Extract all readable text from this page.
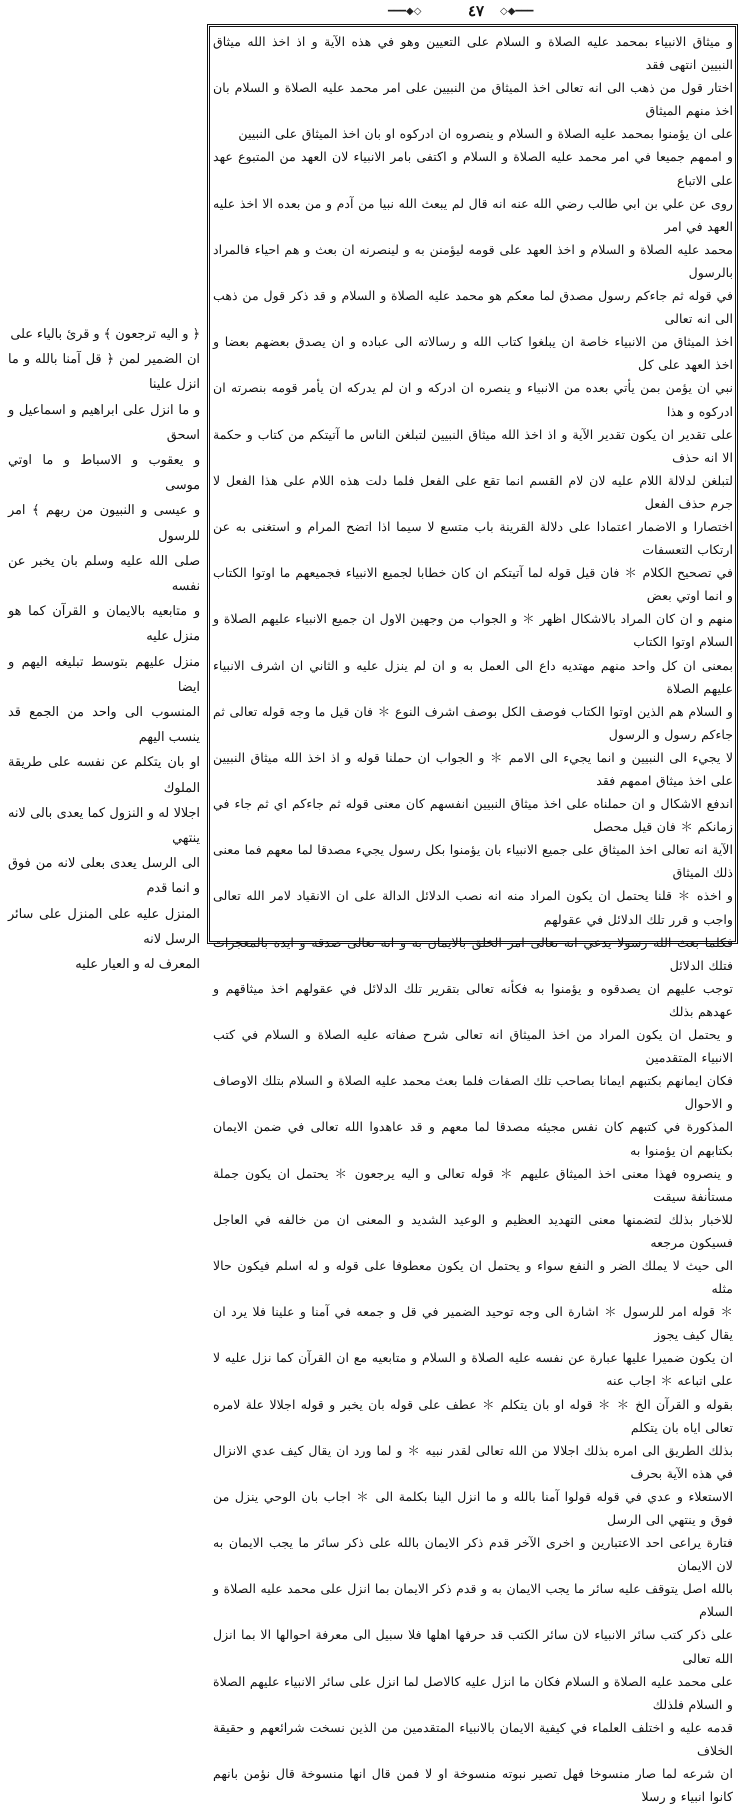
━━━◆◇	٤٧	◇◆━━━

و ميثاق الانبياء بمحمد عليه الصلاة و السلام على التعيين وهو في هذه الآية و اذ اخذ الله ميثاق النبيين انتهى فقد

اختار قول من ذهب الى انه تعالى اخذ الميثاق من النبيين على امر محمد عليه الصلاة و السلام بان اخذ منهم الميثاق

على ان يؤمنوا بمحمد عليه الصلاة و السلام و ينصروه ان ادركوه او بان اخذ الميثاق على النبيين

و اممهم جميعا في امر محمد عليه الصلاة و السلام و اكتفى بامر الانبياء لان العهد من المتبوع عهد على الاتباع

روى عن علي بن ابي طالب رضي الله عنه انه قال لم يبعث الله نبيا من آدم و من بعده الا اخذ عليه العهد في امر

محمد عليه الصلاة و السلام و اخذ العهد على قومه ليؤمنن به و لينصرنه ان بعث و هم احياء فالمراد بالرسول

في قوله ثم جاءكم رسول مصدق لما معكم هو محمد عليه الصلاة و السلام و قد ذكر قول من ذهب الى انه تعالى

اخذ الميثاق من الانبياء خاصة ان يبلغوا كتاب الله و رسالاته الى عباده و ان يصدق بعضهم بعضا و اخذ العهد على كل

نبي ان يؤمن بمن يأتي بعده من الانبياء و ينصره ان ادركه و ان لم يدركه ان يأمر قومه بنصرته ان ادركوه و هذا

على تقدير ان يكون تقدير الآية و اذ اخذ الله ميثاق النبيين لتبلغن الناس ما آتيتكم من كتاب و حكمة الا انه حذف

لتبلغن لدلالة اللام عليه لان لام القسم انما تقع على الفعل فلما دلت هذه اللام على هذا الفعل لا جرم حذف الفعل

اختصارا و الاضمار اعتمادا على دلالة القرينة باب متسع لا سيما اذا اتضح المرام و استغنى به عن ارتكاب التعسفات

في تصحيح الكلام ＊ فان قيل قوله لما آتيتكم ان كان خطابا لجميع الانبياء فجميعهم ما اوتوا الكتاب و انما اوتي بعض

منهم و ان كان المراد بالاشكال اظهر ＊ و الجواب من وجهين الاول ان جميع الانبياء عليهم الصلاة و السلام اوتوا الكتاب

بمعنى ان كل واحد منهم مهتديه داع الى العمل به و ان لم ينزل عليه و الثاني ان اشرف الانبياء عليهم الصلاة

و السلام هم الذين اوتوا الكتاب فوصف الكل بوصف اشرف النوع ＊ فان قيل ما وجه قوله تعالى ثم جاءكم رسول و الرسول

لا يجيء الى النبيين و انما يجيء الى الامم ＊ و الجواب ان حملنا قوله و اذ اخذ الله ميثاق النبيين على اخذ ميثاق اممهم فقد

اندفع الاشكال و ان حملناه على اخذ ميثاق النبيين انفسهم كان معنى قوله ثم جاءكم اي ثم جاء في زمانكم ＊ فان قيل محصل

الآية انه تعالى اخذ الميثاق على جميع الانبياء بان يؤمنوا بكل رسول يجيء مصدقا لما معهم فما معنى ذلك الميثاق

و اخذه ＊ قلنا يحتمل ان يكون المراد منه انه نصب الدلائل الدالة على ان الانقياد لامر الله تعالى واجب و قرر تلك الدلائل في عقولهم

فكلما بعث الله رسولا يدعي انه تعالى امر الخلق بالايمان به و انه تعالى صدقه و ايده بالمعجزات فتلك الدلائل

توجب عليهم ان يصدقوه و يؤمنوا به فكأنه تعالى بتقرير تلك الدلائل في عقولهم اخذ ميثاقهم و عهدهم بذلك

و يحتمل ان يكون المراد من اخذ الميثاق انه تعالى شرح صفاته عليه الصلاة و السلام في كتب الانبياء المتقدمين

فكان ايمانهم بكتبهم ايمانا بصاحب تلك الصفات فلما بعث محمد عليه الصلاة و السلام بتلك الاوصاف و الاحوال

المذكورة في كتبهم كان نفس مجيئه مصدقا لما معهم و قد عاهدوا الله تعالى في ضمن الايمان بكتابهم ان يؤمنوا به

و ينصروه فهذا معنى اخذ الميثاق عليهم ＊ قوله تعالى و اليه يرجعون ＊ يحتمل ان يكون جملة مستأنفة سيقت

للاخبار بذلك لتضمنها معنى التهديد العظيم و الوعيد الشديد و المعنى ان من خالفه في العاجل فسيكون مرجعه

الى حيث لا يملك الضر و النفع سواء و يحتمل ان يكون معطوفا على قوله و له اسلم فيكون حالا مثله

＊ قوله امر للرسول ＊ اشارة الى وجه توحيد الضمير في قل و جمعه في آمنا و علينا فلا يرد ان يقال كيف يجوز

ان يكون ضميرا عليها عبارة عن نفسه عليه الصلاة و السلام و متابعيه مع ان القرآن كما نزل عليه لا على اتباعه ＊ اجاب عنه

بقوله و القرآن الخ ＊ ＊ قوله او بان يتكلم ＊ عطف على قوله بان يخبر و قوله اجلالا علة لامره تعالى اياه بان يتكلم

بذلك الطريق الى امره بذلك اجلالا من الله تعالى لقدر نبيه ＊ و لما ورد ان يقال كيف عدي الانزال في هذه الآية بحرف

الاستعلاء و عدي في قوله قولوا آمنا بالله و ما انزل الينا بكلمة الى ＊ اجاب بان الوحي ينزل من فوق و ينتهي الى الرسل

فتارة يراعى احد الاعتبارين و اخرى الآخر قدم ذكر الايمان بالله على ذكر سائر ما يجب الايمان به لان الايمان

بالله اصل يتوقف عليه سائر ما يجب الايمان به و قدم ذكر الايمان بما انزل على محمد عليه الصلاة و السلام

على ذكر كتب سائر الانبياء لان سائر الكتب قد حرفها اهلها فلا سبيل الى معرفة احوالها الا بما انزل الله تعالى

على محمد عليه الصلاة و السلام فكان ما انزل عليه كالاصل لما انزل على سائر الانبياء عليهم الصلاة و السلام فلذلك

قدمه عليه و اختلف العلماء في كيفية الايمان بالانبياء المتقدمين من الذين نسخت شرائعهم و حقيقة الخلاف

ان شرعه لما صار منسوخا فهل تصير نبوته منسوخة او لا فمن قال انها منسوخة قال نؤمن بانهم كانوا انبياء و رسلا

﴿ و اليه ترجعون ﴾ و قرئ بالياء على

ان الضمير لمن ﴿ قل آمنا بالله و ما انزل علينا

و ما انزل على ابراهيم و اسماعيل و اسحق

و يعقوب و الاسباط و ما اوتي موسى

و عيسى و النبيون من ربهم ﴾ امر للرسول

صلى الله عليه وسلم بان يخبر عن نفسه

و متابعيه بالايمان و القرآن كما هو منزل عليه

منزل عليهم بتوسط تبليغه اليهم و ايضا

المنسوب الى واحد من الجمع قد ينسب اليهم

او بان يتكلم عن نفسه على طريقة الملوك

اجلالا له و النزول كما يعدى بالى لانه ينتهي

الى الرسل يعدى بعلى لانه من فوق و انما قدم

المنزل عليه على المنزل على سائر الرسل لانه

المعرف له و العيار عليه
